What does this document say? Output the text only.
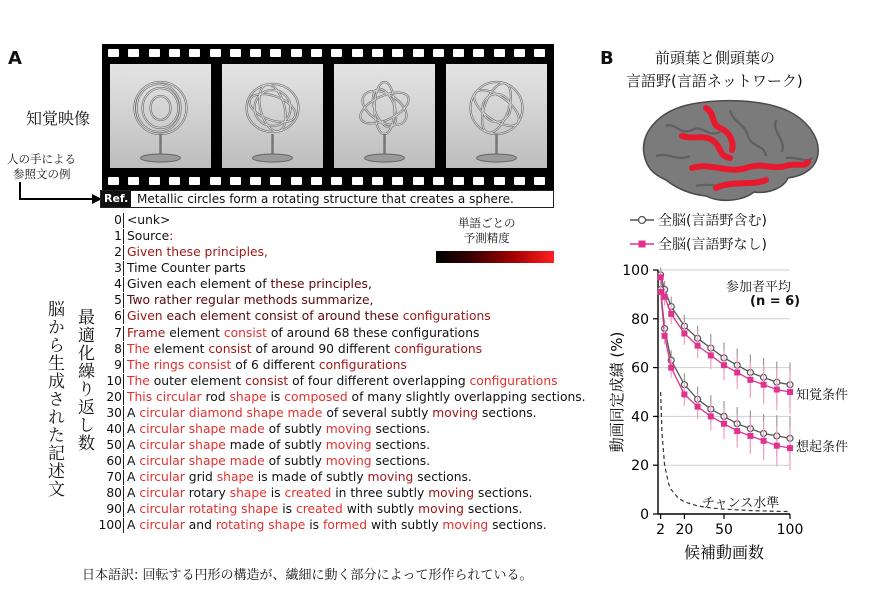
A
知覚映像
人の手による
参照文の例
Ref. Metallic circles form a rotating structure that creates a sphere.
単語ごとの
予測精度
脳から生成された記述文 最適化繰り返し数
0 <unk>
1 Source:
2 Given these principles,
3 Time Counter parts
4 Given each element of these principles,
5 Two rather regular methods summarize,
6 Given each element consist of around these configurations
7 Frame element consist of around 68 these configurations
8 The element consist of around 90 different configurations
9 The rings consist of 6 different configurations
10 The outer element consist of four different overlapping configurations
20 This circular rod shape is composed of many slightly overlapping sections.
30 A circular diamond shape made of several subtly moving sections.
40 A circular shape made of subtly moving sections.
50 A circular shape made of subtly moving sections.
60 A circular shape made of subtly moving sections.
70 A circular grid shape is made of subtly moving sections.
80 A circular rotary shape is created in three subtly moving sections.
90 A circular rotating shape is created with subtly moving sections.
100 A circular and rotating shape is formed with subtly moving sections.
日本語訳: 回転する円形の構造が、繊細に動く部分によって形作られている。
B	前頭葉と側頭葉の
言語野(言語ネットワーク)
全脳(言語野含む)
全脳(言語野なし)
0
20
40
60
80
100
2 20 50	100
候補動画数
動画同定成績 (%)
参加者平均
(n = 6)
知覚条件
想起条件
チャンス水準
